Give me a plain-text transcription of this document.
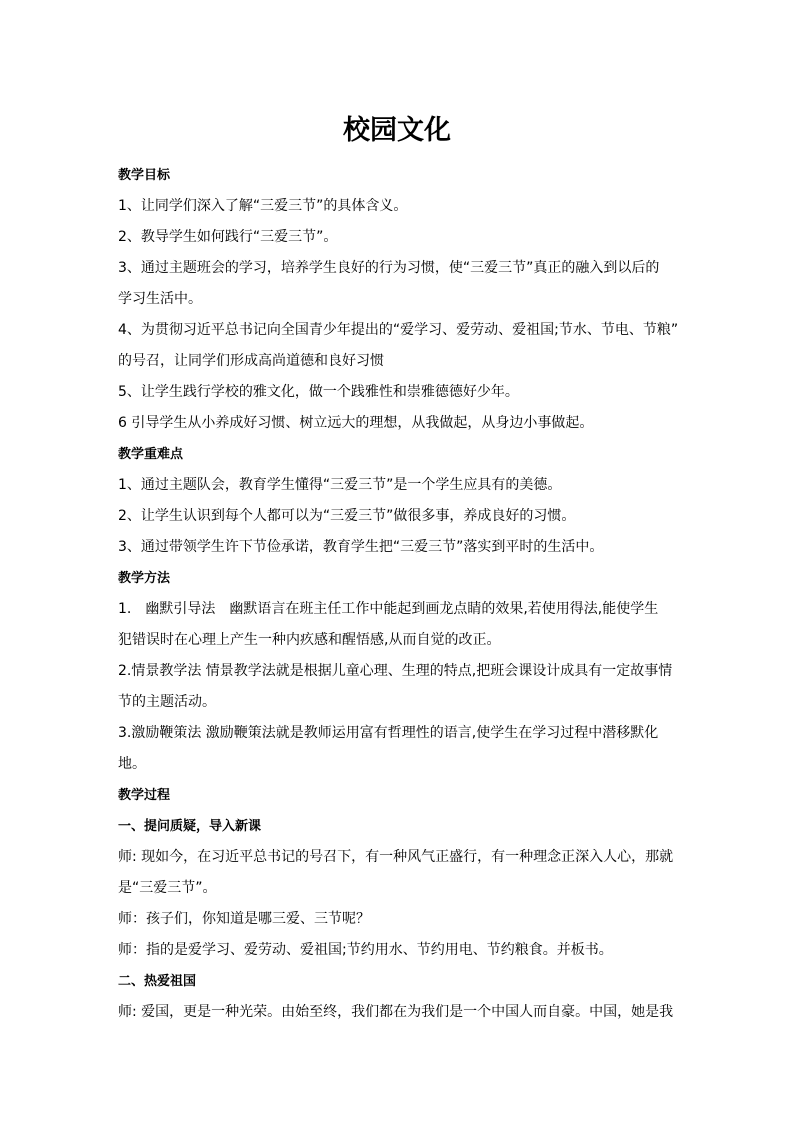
校园文化
教学目标
1、让同学们深入了解“三爱三节”的具体含义。
2、教导学生如何践行“三爱三节”。
3、通过主题班会的学习，培养学生良好的行为习惯，使“三爱三节”真正的融入到以后的
学习生活中。
4、为贯彻习近平总书记向全国青少年提出的“爱学习、爱劳动、爱祖国;节水、节电、节粮”
的号召，让同学们形成高尚道德和良好习惯
5、让学生践行学校的雅文化，做一个践雅性和崇雅德德好少年。
6 引导学生从小养成好习惯、树立远大的理想，从我做起，从身边小事做起。
教学重难点
1、通过主题队会，教育学生懂得“三爱三节”是一个学生应具有的美德。
2、让学生认识到每个人都可以为“三爱三节”做很多事，养成良好的习惯。
3、通过带领学生许下节俭承诺，教育学生把“三爱三节”落实到平时的生活中。
教学方法
1.　幽默引导法　幽默语言在班主任工作中能起到画龙点睛的效果,若使用得法,能使学生
犯错误时在心理上产生一种内疚感和醒悟感,从而自觉的改正。
2.情景教学法 情景教学法就是根据儿童心理、生理的特点,把班会课设计成具有一定故事情
节的主题活动。
3.激励鞭策法 激励鞭策法就是教师运用富有哲理性的语言,使学生在学习过程中潜移默化
地。
教学过程
一、提问质疑，导入新课
师: 现如今，在习近平总书记的号召下，有一种风气正盛行，有一种理念正深入人心，那就
是“三爱三节”。
师：孩子们，你知道是哪三爱、三节呢？
师：指的是爱学习、爱劳动、爱祖国;节约用水、节约用电、节约粮食。并板书。
二、热爱祖国
师: 爱国，更是一种光荣。由始至终，我们都在为我们是一个中国人而自豪。中国，她是我
